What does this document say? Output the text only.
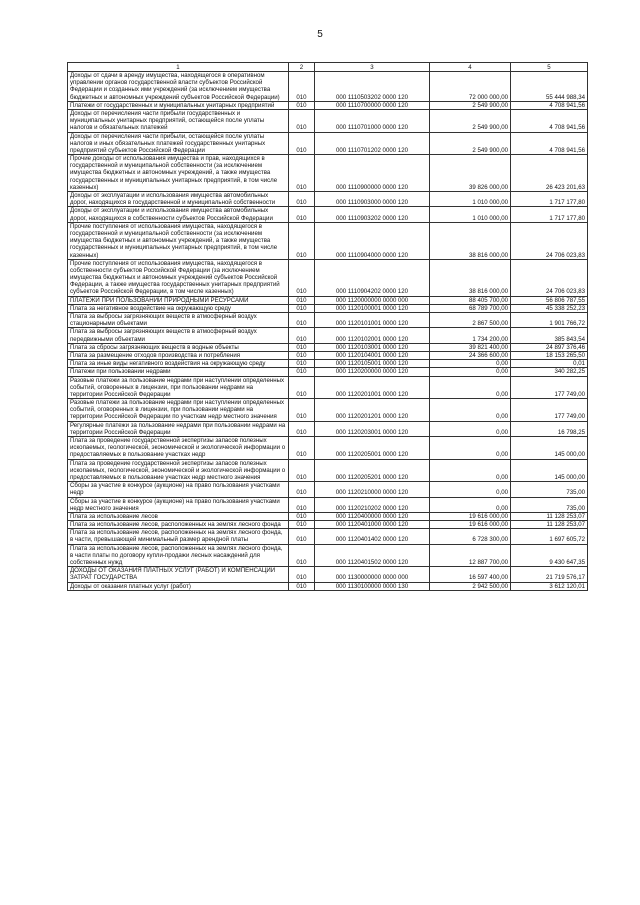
5
1	2	3	4	5
Доходы от сдачи в аренду имущества, находящегося в оперативном управлении органов государственной власти субъектов Российской Федерации и созданных ими учреждений (за исключением имущества бюджетных и автономных учреждений субъектов Российской Федерации)	010	000 1110503202 0000 120	72 000 000,00	55 444 988,34
Платежи от государственных и муниципальных унитарных предприятий	010	000 1110700000 0000 120	2 549 900,00	4 708 941,56
Доходы от перечисления части прибыли государственных и муниципальных унитарных предприятий, остающейся после уплаты налогов и обязательных платежей	010	000 1110701000 0000 120	2 549 900,00	4 708 941,56
Доходы от перечисления части прибыли, остающейся после уплаты налогов и иных обязательных платежей государственных унитарных предприятий субъектов Российской Федерации	010	000 1110701202 0000 120	2 549 900,00	4 708 941,56
Прочие доходы от использования имущества и прав, находящихся в государственной и муниципальной собственности (за исключением имущества бюджетных и автономных учреждений, а также имущества государственных и муниципальных унитарных предприятий, в том числе казенных)	010	000 1110900000 0000 120	39 826 000,00	26 423 201,63
Доходы от эксплуатации и использования имущества автомобильных дорог, находящихся в государственной и муниципальной собственности	010	000 1110903000 0000 120	1 010 000,00	1 717 177,80
Доходы от эксплуатации и использования имущества автомобильных дорог, находящихся в собственности субъектов Российской Федерации	010	000 1110903202 0000 120	1 010 000,00	1 717 177,80
Прочие поступления от использования имущества, находящегося в государственной и муниципальной собственности (за исключением имущества бюджетных и автономных учреждений, а также имущества государственных и муниципальных унитарных предприятий, в том числе казенных)	010	000 1110904000 0000 120	38 816 000,00	24 706 023,83
Прочие поступления от использования имущества, находящегося в собственности субъектов Российской Федерации (за исключением имущества бюджетных и автономных учреждений субъектов Российской Федерации, а также имущества государственных унитарных предприятий субъектов Российской Федерации, в том числе казенных)	010	000 1110904202 0000 120	38 816 000,00	24 706 023,83
ПЛАТЕЖИ ПРИ ПОЛЬЗОВАНИИ ПРИРОДНЫМИ РЕСУРСАМИ	010	000 1120000000 0000 000	88 405 700,00	56 806 787,55
Плата за негативное воздействие на окружающую среду	010	000 1120100001 0000 120	68 789 700,00	45 338 252,23
Плата за выбросы загрязняющих веществ в атмосферный воздух стационарными объектами	010	000 1120101001 0000 120	2 867 500,00	1 901 766,72
Плата за выбросы загрязняющих веществ в атмосферный воздух передвижными объектами	010	000 1120102001 0000 120	1 734 200,00	385 843,54
Плата за сбросы загрязняющих веществ в водные объекты	010	000 1120103001 0000 120	39 821 400,00	24 897 376,46
Плата за размещение отходов производства и потребления	010	000 1120104001 0000 120	24 366 600,00	18 153 265,50
Плата за иные виды негативного воздействия на окружающую среду	010	000 1120105001 0000 120	0,00	0,01
Платежи при пользовании недрами	010	000 1120200000 0000 120	0,00	340 282,25
Разовые платежи за пользование недрами при наступлении определенных событий, оговоренных в лицензии, при пользовании недрами на территории Российской Федерации	010	000 1120201001 0000 120	0,00	177 749,00
Разовые платежи за пользование недрами при наступлении определенных событий, оговоренных в лицензии, при пользовании недрами на территории Российской Федерации по участкам недр местного значения	010	000 1120201201 0000 120	0,00	177 749,00
Регулярные платежи за пользование недрами при пользовании недрами на территории Российской Федерации	010	000 1120203001 0000 120	0,00	16 798,25
Плата за проведение государственной экспертизы запасов полезных ископаемых, геологической, экономической и экологической информации о предоставляемых в пользование участках недр	010	000 1120205001 0000 120	0,00	145 000,00
Плата за проведение государственной экспертизы запасов полезных ископаемых, геологической, экономической и экологической информации о предоставляемых в пользование участках недр местного значения	010	000 1120205201 0000 120	0,00	145 000,00
Сборы за участие в конкурсе (аукционе) на право пользования участками недр	010	000 1120210000 0000 120	0,00	735,00
Сборы за участие в конкурсе (аукционе) на право пользования участками недр местного значения	010	000 1120210202 0000 120	0,00	735,00
Плата за использование лесов	010	000 1120400000 0000 120	19 616 000,00	11 128 253,07
Плата за использование лесов, расположенных на землях лесного фонда	010	000 1120401000 0000 120	19 616 000,00	11 128 253,07
Плата за использование лесов, расположенных на землях лесного фонда, в части, превышающей минимальный размер арендной платы	010	000 1120401402 0000 120	6 728 300,00	1 697 605,72
Плата за использование лесов, расположенных на землях лесного фонда, в части платы по договору купли-продажи лесных насаждений для собственных нужд	010	000 1120401502 0000 120	12 887 700,00	9 430 647,35
ДОХОДЫ ОТ ОКАЗАНИЯ ПЛАТНЫХ УСЛУГ (РАБОТ) И КОМПЕНСАЦИИ ЗАТРАТ ГОСУДАРСТВА	010	000 1130000000 0000 000	16 597 400,00	21 719 576,17
Доходы от оказания платных услуг (работ)	010	000 1130100000 0000 130	2 942 500,00	3 612 120,01
